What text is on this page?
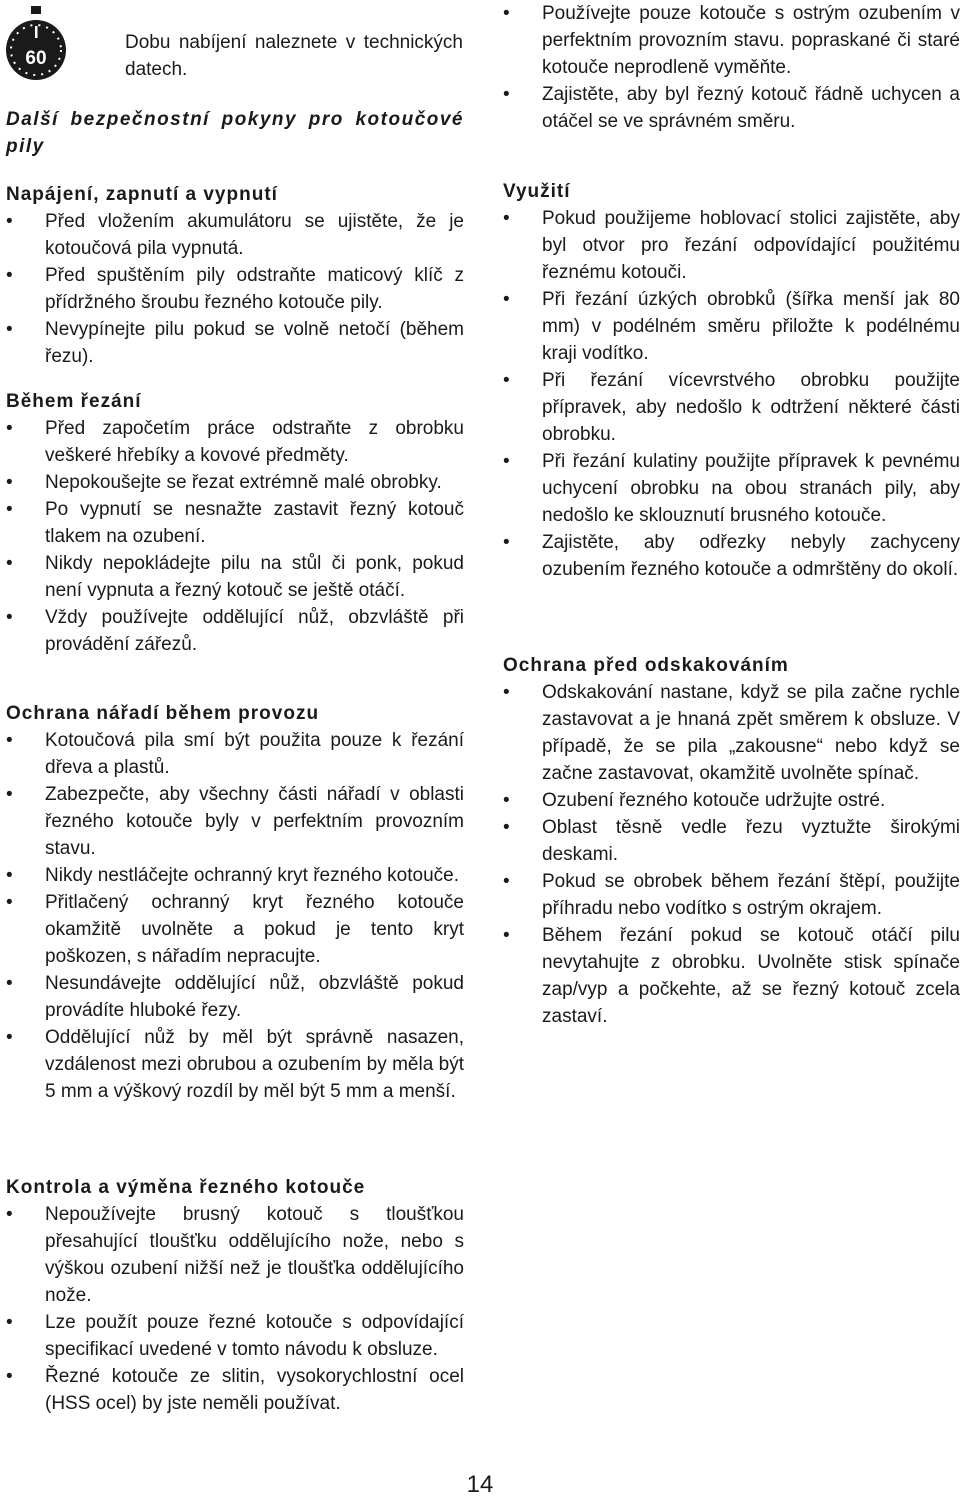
60
Dobu nabíjení naleznete v technických datech.
Další bezpečnostní pokyny pro kotoučové pily
Napájení, zapnutí a vypnutí
•	Před vložením akumulátoru se ujistěte, že je kotoučová pila vypnutá.
•	Před spuštěním pily odstraňte maticový klíč z přídržného šroubu řezného kotouče pily.
•	Nevypínejte pilu pokud se volně netočí (během řezu).
Během řezání
•	Před započetím práce odstraňte z obrobku veškeré hřebíky a kovové předměty.
•	Nepokoušejte se řezat extrémně malé obrobky.
•	Po vypnutí se nesnažte zastavit řezný kotouč tlakem na ozubení.
•	Nikdy nepokládejte pilu na stůl či ponk, pokud není vypnuta a řezný kotouč se ještě otáčí.
•	Vždy používejte oddělující nůž, obzvláště při provádění zářezů.
Ochrana nářadí během provozu
•	Kotoučová pila smí být použita pouze k řezání dřeva a plastů.
•	Zabezpečte, aby všechny části nářadí v oblasti řezného kotouče byly v perfektním provozním stavu.
•	Nikdy nestláčejte ochranný kryt řezného kotouče.
•	Přitlačený ochranný kryt řezného kotouče okamžitě uvolněte a pokud je tento kryt poškozen, s nářadím nepracujte.
•	Nesundávejte oddělující nůž, obzvláště pokud provádíte hluboké řezy.
•	Oddělující nůž by měl být správně nasazen, vzdálenost mezi obrubou a ozubením by měla být 5 mm a výškový rozdíl by měl být 5 mm a menší.
Kontrola a výměna řezného kotouče
•	Nepoužívejte brusný kotouč s tloušťkou přesahující tloušťku oddělujícího nože, nebo s výškou ozubení nižší než je tloušťka oddělujícího nože.
•	Lze použít pouze řezné kotouče s odpovídající specifikací uvedené v tomto návodu k obsluze.
•	Řezné kotouče ze slitin, vysokorychlostní ocel (HSS ocel) by jste neměli používat.
•	Používejte pouze kotouče s ostrým ozubením v perfektním provozním stavu. popraskané či staré kotouče neprodleně vyměňte.
•	Zajistěte, aby byl řezný kotouč řádně uchycen a otáčel se ve správném směru.
Využití
•	Pokud použijeme hoblovací stolici zajistěte, aby byl otvor pro řezání odpovídající použitému řeznému kotouči.
•	Při řezání úzkých obrobků (šířka menší jak 80 mm) v podélném směru přiložte k podélnému kraji vodítko.
•	Při řezání vícevrstvého obrobku použijte přípravek, aby nedošlo k odtržení některé části obrobku.
•	Při řezání kulatiny použijte přípravek k pevnému uchycení obrobku na obou stranách pily, aby nedošlo ke sklouznutí brusného kotouče.
•	Zajistěte, aby odřezky nebyly zachyceny ozubením řezného kotouče a odmrštěny do okolí.
Ochrana před odskakováním
•	Odskakování nastane, když se pila začne rychle zastavovat a je hnaná zpět směrem k obsluze. V případě, že se pila „zakousne“ nebo když se začne zastavovat, okamžitě uvolněte spínač.
•	Ozubení řezného kotouče udržujte ostré.
•	Oblast těsně vedle řezu vyztužte širokými deskami.
•	Pokud se obrobek během řezání štěpí, použijte příhradu nebo vodítko s ostrým okrajem.
•	Během řezání pokud se kotouč otáčí pilu nevytahujte z obrobku. Uvolněte stisk spínače zap/vyp a počkehte, až se řezný kotouč zcela zastaví.
14
